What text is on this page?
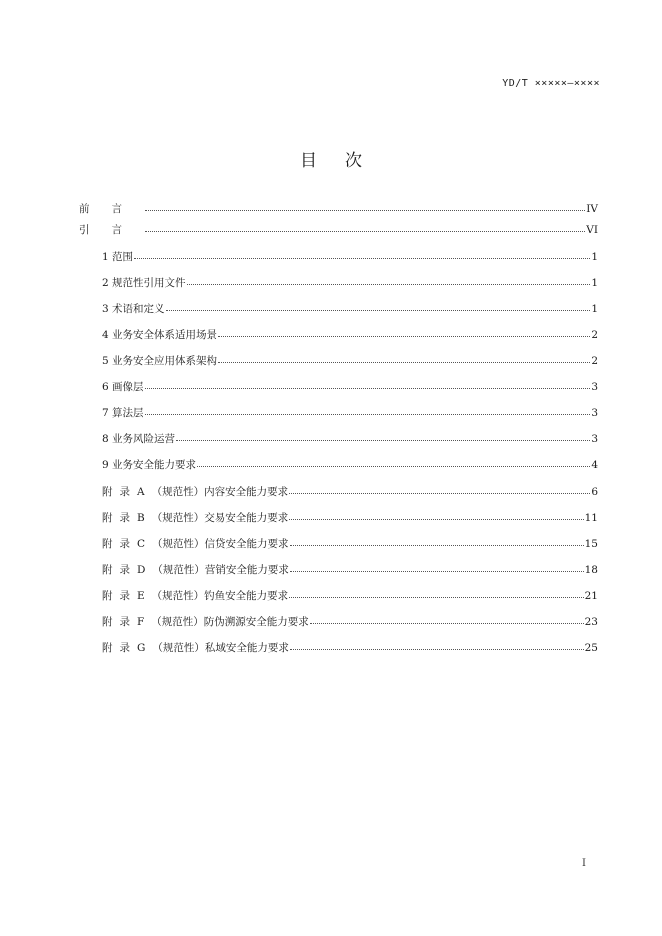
YD/T ×××××—××××
目次
前言	IV
引言	VI
1 范围	1
2 规范性引用文件	1
3 术语和定义	1
4 业务安全体系适用场景	2
5 业务安全应用体系架构	2
6 画像层	3
7 算法层	3
8 业务风险运营	3
9 业务安全能力要求	4
附录A （规范性）内容安全能力要求	6
附录B （规范性）交易安全能力要求	11
附录C （规范性）信贷安全能力要求	15
附录D （规范性）营销安全能力要求	18
附录E （规范性）钓鱼安全能力要求	21
附录F （规范性）防伪溯源安全能力要求	23
附录G （规范性）私域安全能力要求	25
I
